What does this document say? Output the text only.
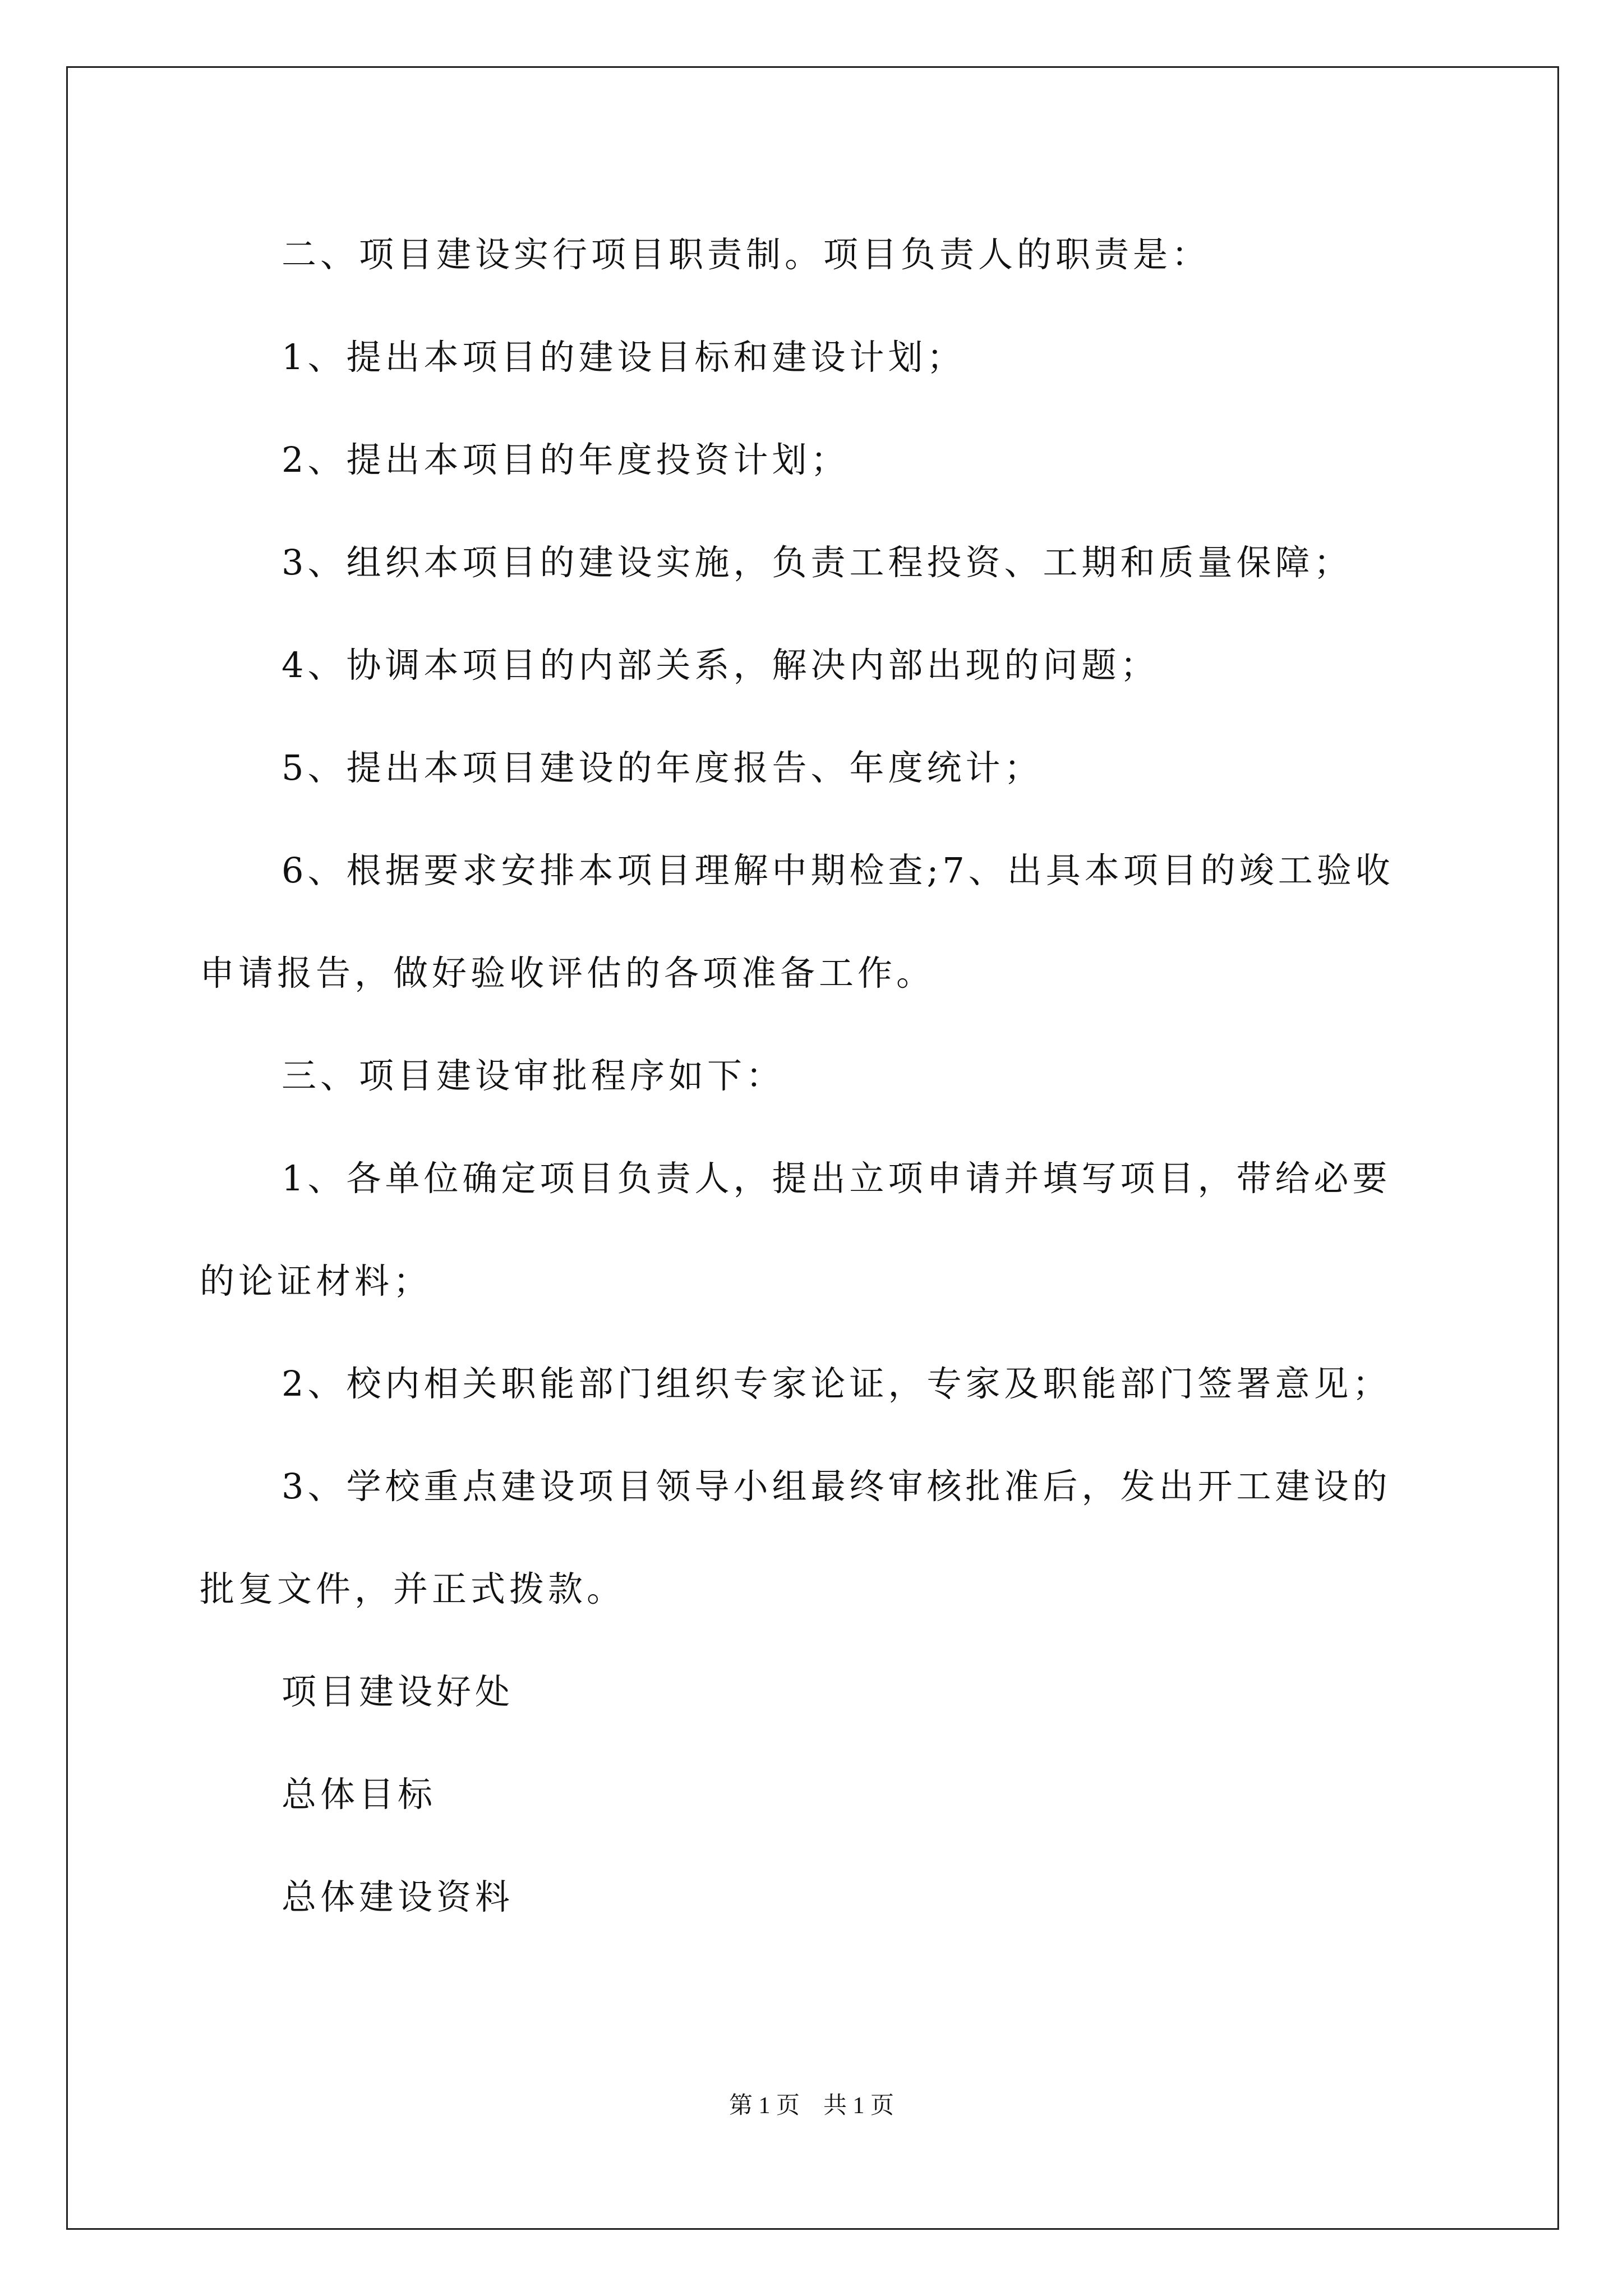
二、项目建设实行项目职责制。项目负责人的职责是：
1、提出本项目的建设目标和建设计划；
2、提出本项目的年度投资计划；
3、组织本项目的建设实施，负责工程投资、工期和质量保障；
4、协调本项目的内部关系，解决内部出现的问题；
5、提出本项目建设的年度报告、年度统计；
6、根据要求安排本项目理解中期检查;7、出具本项目的竣工验收
申请报告，做好验收评估的各项准备工作。
三、项目建设审批程序如下：
1、各单位确定项目负责人，提出立项申请并填写项目，带给必要
的论证材料；
2、校内相关职能部门组织专家论证，专家及职能部门签署意见；
3、学校重点建设项目领导小组最终审核批准后，发出开工建设的
批复文件，并正式拨款。
项目建设好处
总体目标
总体建设资料
第 1 页　共 1 页
